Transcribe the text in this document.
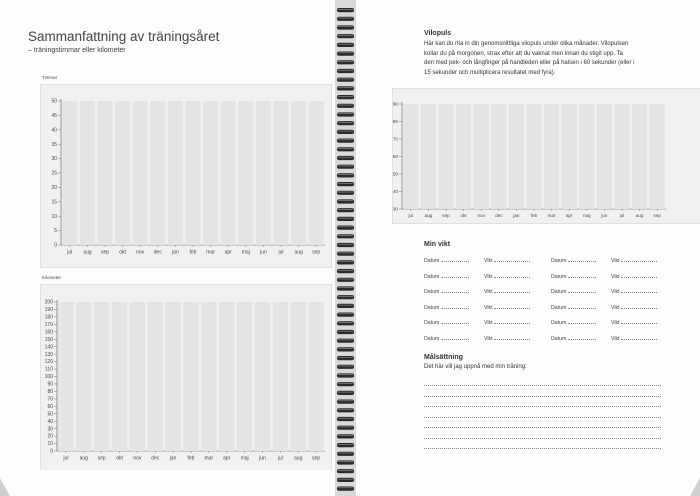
Sammanfattning av träningsåret
– träningstimmar eller kilometer
Timmar
Kilometer
0
5
10
15
20
25
30
35
40
45
50
jul aug sep okt nov dec jan feb mar apr maj jun jul aug sep
0
10
20
30
40
50
60
70
80
90
100
110
120
130
140
150
160
170
180
190
200
jul aug sep okt nov dec jan feb mar apr maj jun jul aug sep
Vilopuls
Här kan du rita in din genomsnittliga vilopuls under olika månader. Vilopulsen
kollar du på morgonen, strax efter att du vaknat men innan du stigit upp. Ta
den med pek- och långfinger på handleden eller på halsen i 60 sekunder (eller i
15 sekunder och multiplicera resultatet med fyra).
Min vikt
Målsättning
Det här vill jag uppnå med min träning:
30
40
50
60
70
80
90
jul aug sep okt nov dec jan feb mar apr maj jun	jul aug sep
Datum	Vikt	Datum	Vikt
Datum	Vikt	Datum	Vikt
Datum	Vikt	Datum	Vikt
Datum	Vikt	Datum	Vikt
Datum	Vikt	Datum	Vikt
Datum	Vikt	Datum	Vikt
